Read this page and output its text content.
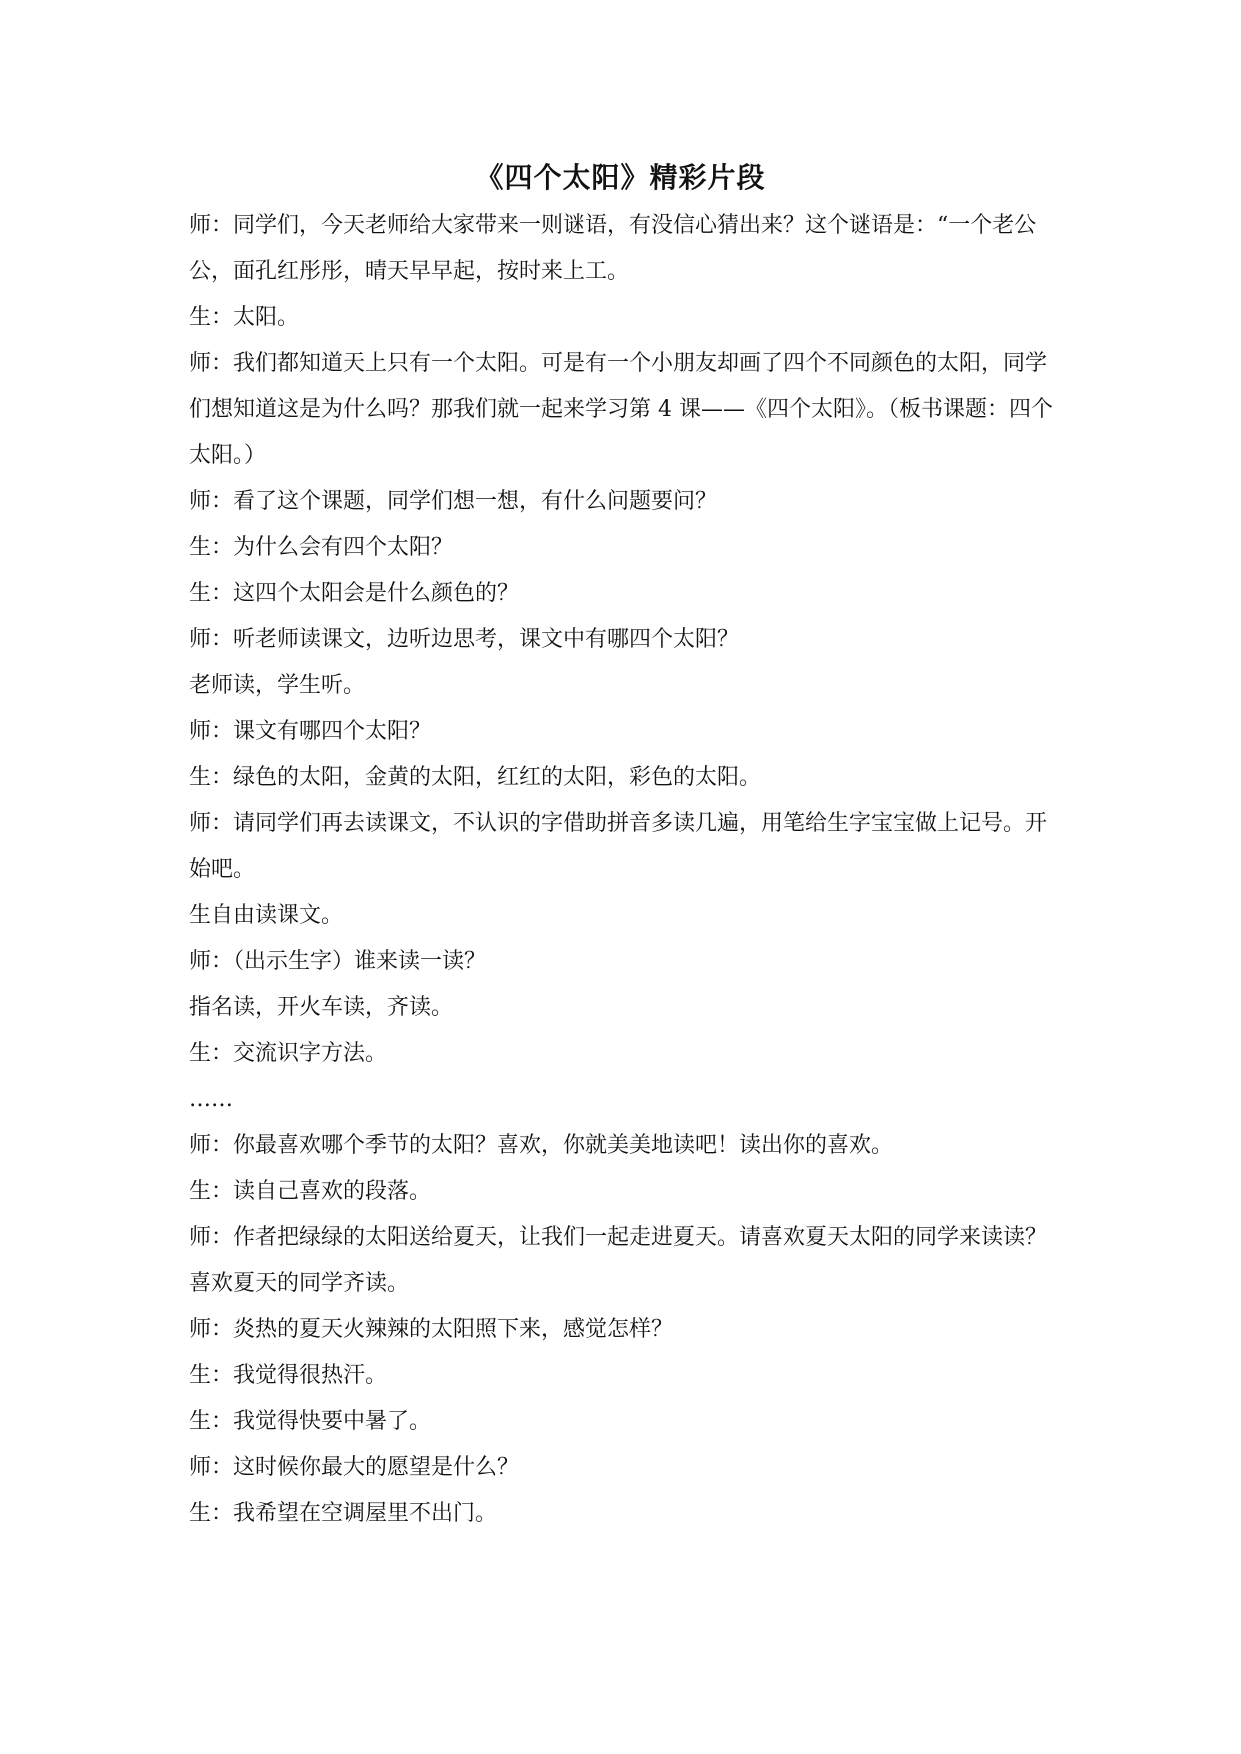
《四个太阳》精彩片段

师：同学们，今天老师给大家带来一则谜语，有没信心猜出来？这个谜语是：“一个老公公，面孔红彤彤，晴天早早起，按时来上工。

生：太阳。

师：我们都知道天上只有一个太阳。可是有一个小朋友却画了四个不同颜色的太阳，同学们想知道这是为什么吗？那我们就一起来学习第 4 课——《四个太阳》。（板书课题：四个太阳。）

师：看了这个课题，同学们想一想，有什么问题要问？

生：为什么会有四个太阳？

生：这四个太阳会是什么颜色的？

师：听老师读课文，边听边思考，课文中有哪四个太阳？

老师读，学生听。

师：课文有哪四个太阳？

生：绿色的太阳，金黄的太阳，红红的太阳，彩色的太阳。

师：请同学们再去读课文，不认识的字借助拼音多读几遍，用笔给生字宝宝做上记号。开始吧。

生自由读课文。

师：（出示生字）谁来读一读？

指名读，开火车读，齐读。

生：交流识字方法。

……

师：你最喜欢哪个季节的太阳？喜欢，你就美美地读吧！读出你的喜欢。

生：读自己喜欢的段落。

师：作者把绿绿的太阳送给夏天，让我们一起走进夏天。请喜欢夏天太阳的同学来读读？

喜欢夏天的同学齐读。

师：炎热的夏天火辣辣的太阳照下来，感觉怎样？

生：我觉得很热汗。

生：我觉得快要中暑了。

师：这时候你最大的愿望是什么？

生：我希望在空调屋里不出门。
